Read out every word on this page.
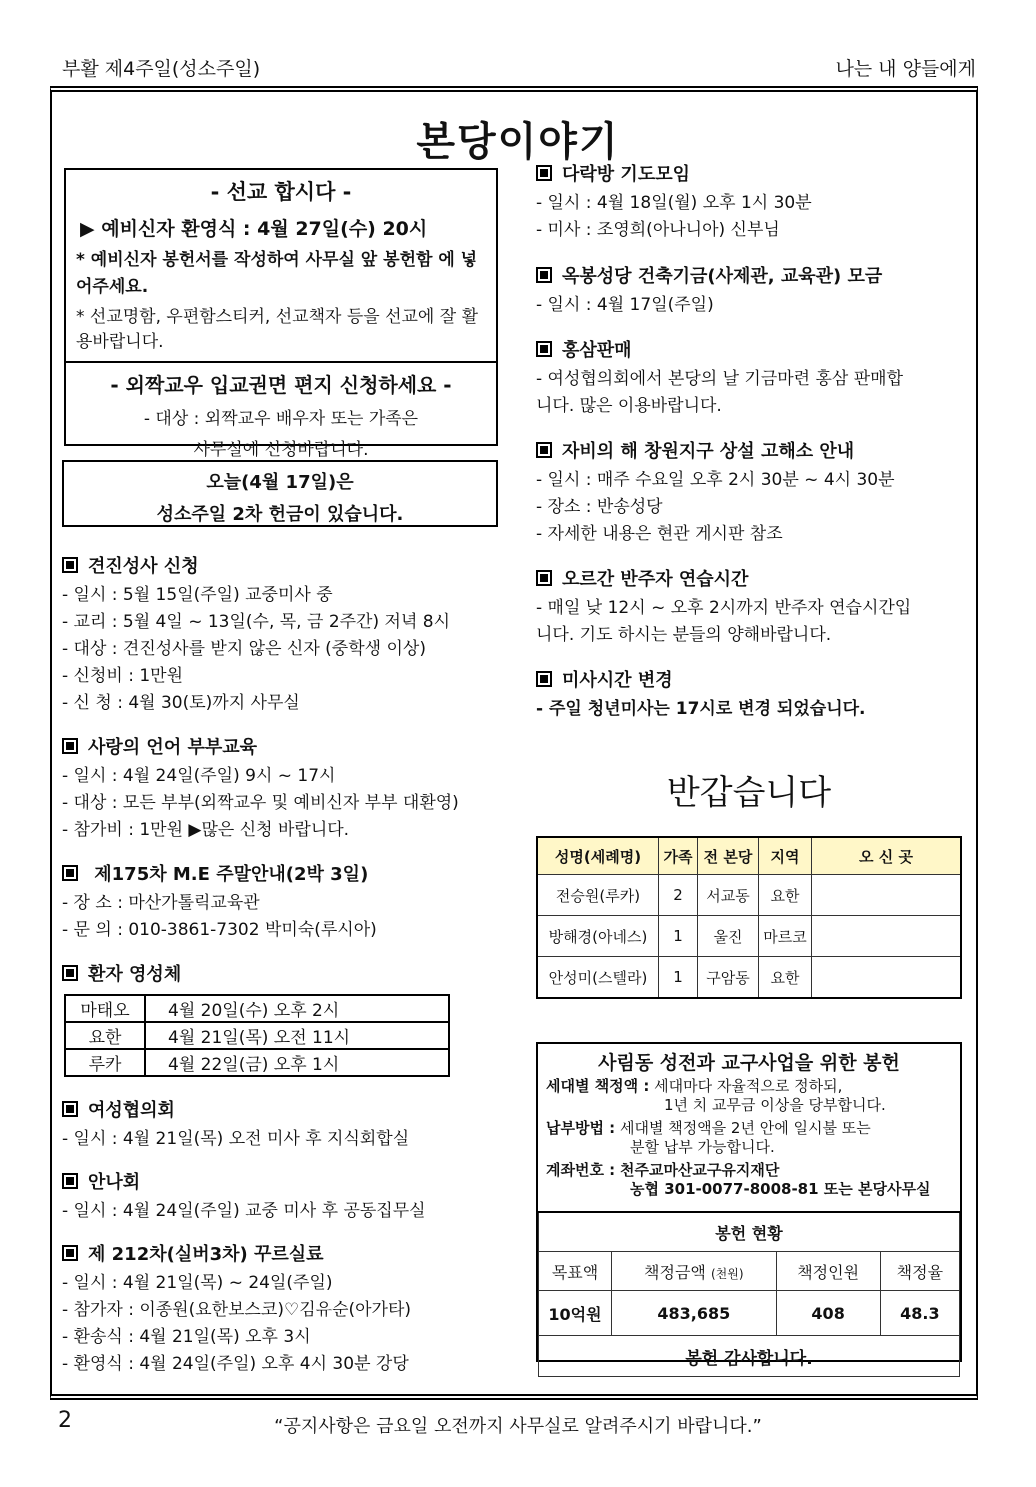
부활 제4주일(성소주일)	나는 내 양들에게
본당이야기
- 선교 합시다 -
▶ 예비신자 환영식 : 4월 27일(수) 20시
* 예비신자 봉헌서를 작성하여 사무실 앞 봉헌함 에 넣어주세요.
* 선교명함, 우편함스티커, 선교책자 등을 선교에 잘 활용바랍니다.
- 외짝교우 입교권면 편지 신청하세요 -
- 대상 : 외짝교우 배우자 또는 가족은
사무실에 신청바랍니다.
오늘(4월 17일)은
성소주일 2차 헌금이 있습니다.
견진성사 신청
- 일시 : 5월 15일(주일) 교중미사 중
- 교리 : 5월 4일 ~ 13일(수, 목, 금 2주간) 저녁 8시
- 대상 : 견진성사를 받지 않은 신자 (중학생 이상)
- 신청비 : 1만원
- 신 청 : 4월 30(토)까지 사무실
사랑의 언어 부부교육
- 일시 : 4월 24일(주일) 9시 ~ 17시
- 대상 : 모든 부부(외짝교우 및 예비신자 부부 대환영)
- 참가비 : 1만원 ▶많은 신청 바랍니다.
제175차 M.E 주말안내(2박 3일)
- 장 소 : 마산가톨릭교육관
- 문 의 : 010-3861-7302 박미숙(루시아)
환자 영성체
마태오	4월 20일(수) 오후 2시
요한	4월 21일(목) 오전 11시
루카	4월 22일(금) 오후 1시
여성협의회
- 일시 : 4월 21일(목) 오전 미사 후 지식회합실
안나회
- 일시 : 4월 24일(주일) 교중 미사 후 공동집무실
제 212차(실버3차) 꾸르실료
- 일시 : 4월 21일(목) ~ 24일(주일)
- 참가자 : 이종원(요한보스코)♡김유순(아가타)
- 환송식 : 4월 21일(목) 오후 3시
- 환영식 : 4월 24일(주일) 오후 4시 30분 강당
다락방 기도모임
- 일시 : 4월 18일(월) 오후 1시 30분
- 미사 : 조영희(아나니아) 신부님
옥봉성당 건축기금(사제관, 교육관) 모금
- 일시 : 4월 17일(주일)
홍삼판매
- 여성협의회에서 본당의 날 기금마련 홍삼 판매합
니다. 많은 이용바랍니다.
자비의 해 창원지구 상설 고해소 안내
- 일시 : 매주 수요일 오후 2시 30분 ~ 4시 30분
- 장소 : 반송성당
- 자세한 내용은 현관 게시판 참조
오르간 반주자 연습시간
- 매일 낮 12시 ~ 오후 2시까지 반주자 연습시간입
니다. 기도 하시는 분들의 양해바랍니다.
미사시간 변경
- 주일 청년미사는 17시로 변경 되었습니다.
반갑습니다
성명(세례명)	가족	전 본당	지역	오 신 곳
전승원(루카)	2	서교동	요한	
방해경(아네스)	1	울진	마르코	
안성미(스텔라)	1	구암동	요한	
사림동 성전과 교구사업을 위한 봉헌
세대별 책정액 : 세대마다 자율적으로 정하되,
1년 치 교무금 이상을 당부합니다.
납부방법 : 세대별 책정액을 2년 안에 일시불 또는
분할 납부 가능합니다.
계좌번호 : 천주교마산교구유지재단
농협 301-0077-8008-81 또는 본당사무실
봉헌 현황			
목표액	책정금액 (천원)	책정인원	책정율
10억원	483,685	408	48.3
봉헌 감사합니다.			
2	“공지사항은 금요일 오전까지 사무실로 알려주시기 바랍니다.”
